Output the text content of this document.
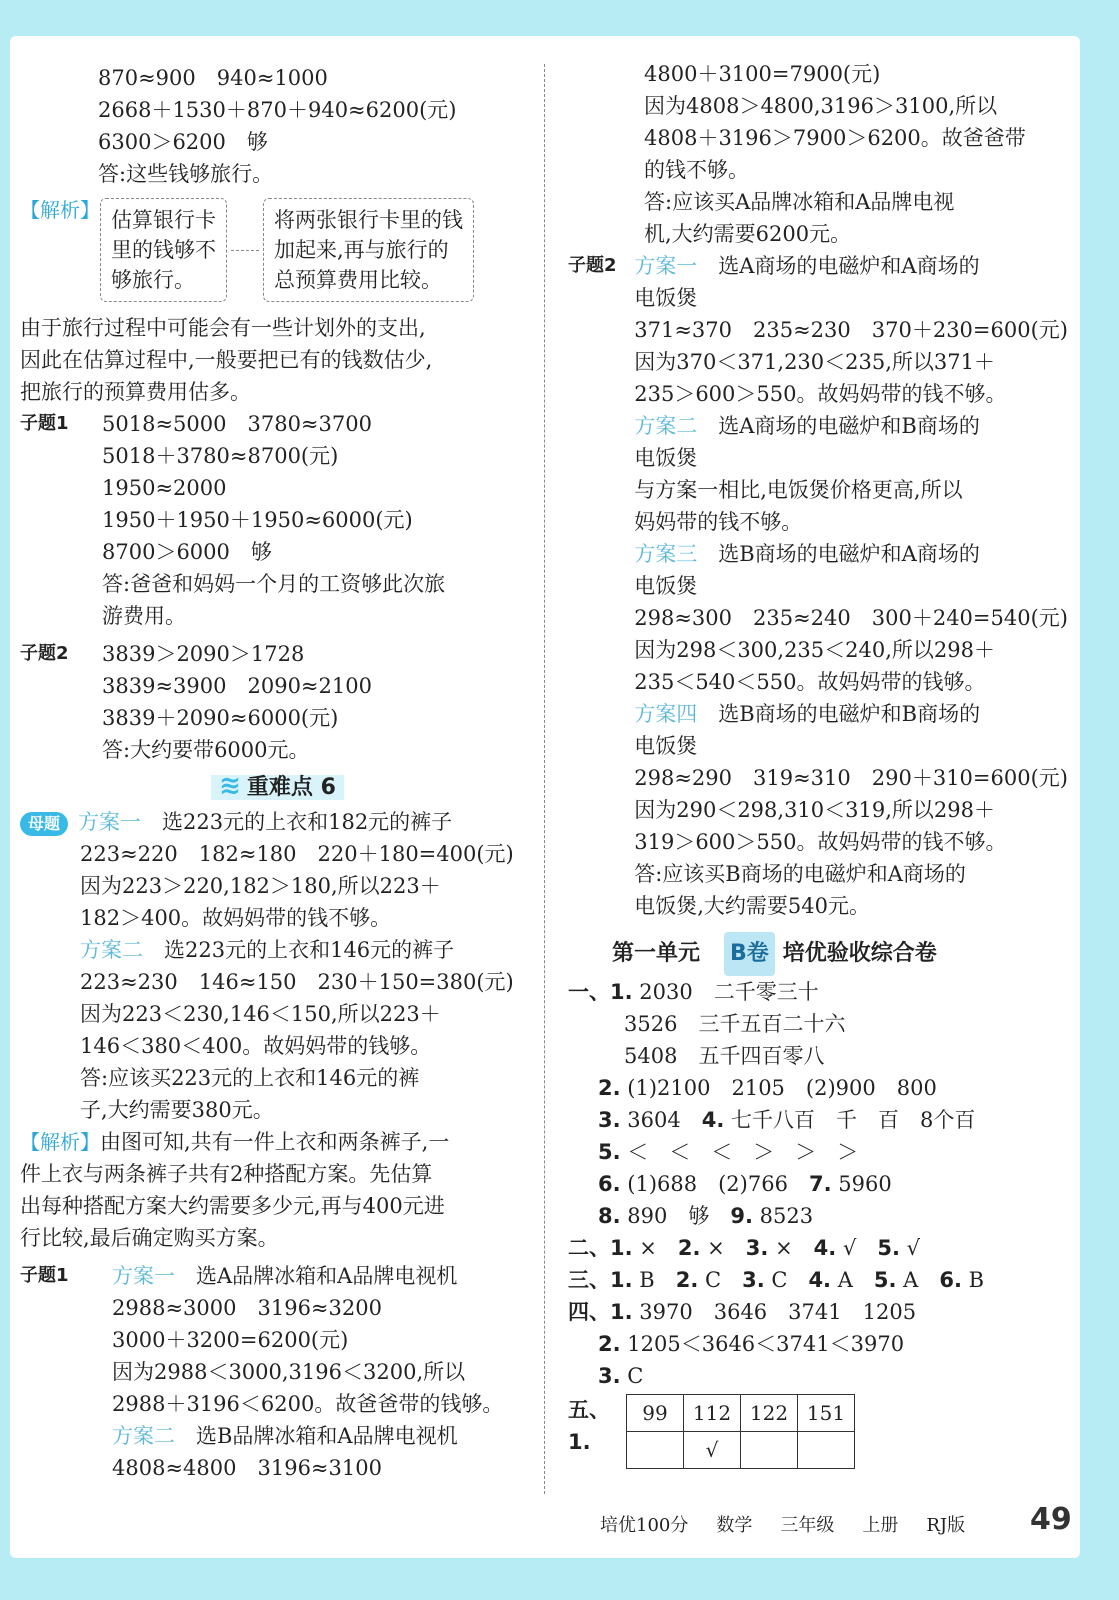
870≈900　940≈1000
2668＋1530＋870＋940≈6200(元)
6300＞6200　够
答:这些钱够旅行。
【解析】 估算银行卡
里的钱够不
够旅行。
将两张银行卡里的钱
加起来,再与旅行的
总预算费用比较。
由于旅行过程中可能会有一些计划外的支出,
因此在估算过程中,一般要把已有的钱数估少,
把旅行的预算费用估多。
子题1	5018≈5000　3780≈3700
5018＋3780≈8700(元)
1950≈2000
1950＋1950＋1950≈6000(元)
8700＞6000　够
答:爸爸和妈妈一个月的工资够此次旅
游费用。
子题2	3839＞2090＞1728
3839≈3900　2090≈2100
3839＋2090≈6000(元)
答:大约要带6000元。
≋ 重难点 6
母题 方案一　 选223元的上衣和182元的裤子
223≈220　182≈180　220＋180=400(元)
因为223＞220,182＞180,所以223＋
182＞400。故妈妈带的钱不够。
方案二　 选223元的上衣和146元的裤子
223≈230　146≈150　230＋150=380(元)
因为223＜230,146＜150,所以223＋
146＜380＜400。故妈妈带的钱够。
答:应该买223元的上衣和146元的裤
子,大约需要380元。
【解析】由图可知,共有一件上衣和两条裤子,一
件上衣与两条裤子共有2种搭配方案。先估算
出每种搭配方案大约需要多少元,再与400元进
行比较,最后确定购买方案。
子题1	方案一　 选A品牌冰箱和A品牌电视机
2988≈3000　3196≈3200
3000＋3200=6200(元)
因为2988＜3000,3196＜3200,所以
2988＋3196＜6200。故爸爸带的钱够。
方案二　 选B品牌冰箱和A品牌电视机
4808≈4800　3196≈3100
4800＋3100=7900(元)
因为4808＞4800,3196＞3100,所以
4808＋3196＞7900＞6200。故爸爸带
的钱不够。
答:应该买A品牌冰箱和A品牌电视
机,大约需要6200元。
子题2 方案一　 选A商场的电磁炉和A商场的
电饭煲
371≈370　235≈230　370＋230=600(元)
因为370＜371,230＜235,所以371＋
235＞600＞550。故妈妈带的钱不够。
方案二　 选A商场的电磁炉和B商场的
电饭煲
与方案一相比,电饭煲价格更高,所以
妈妈带的钱不够。
方案三　 选B商场的电磁炉和A商场的
电饭煲
298≈300　235≈240　300＋240=540(元)
因为298＜300,235＜240,所以298＋
235＜540＜550。故妈妈带的钱够。
方案四　 选B商场的电磁炉和B商场的
电饭煲
298≈290　319≈310　290＋310=600(元)
因为290＜298,310＜319,所以298＋
319＞600＞550。故妈妈带的钱不够。
答:应该买B商场的电磁炉和A商场的
电饭煲,大约需要540元。
第一单元 B卷 培优验收综合卷
一、1. 2030　二千零三十
3526　三千五百二十六
5408　五千四百零八
2. (1)2100　2105　(2)900　800
3. 3604　 4. 七千八百　千　百　8个百
5. ＜　＜　＜　＞　＞　＞
6. (1)688　(2)766　 7. 5960
8. 890　够　 9. 8523
二、1. ×　 2. ×　 3. ×　 4. √　 5. √
三、1. B　 2. C　 3. C　 4. A　 5. A　 6. B
四、1. 3970　3646　3741　1205
2. 1205＜3646＜3741＜3970
3. C
五、1.
99	112	122	151
	√		
培优100分 数学 三年级 上册 RJ版	49
